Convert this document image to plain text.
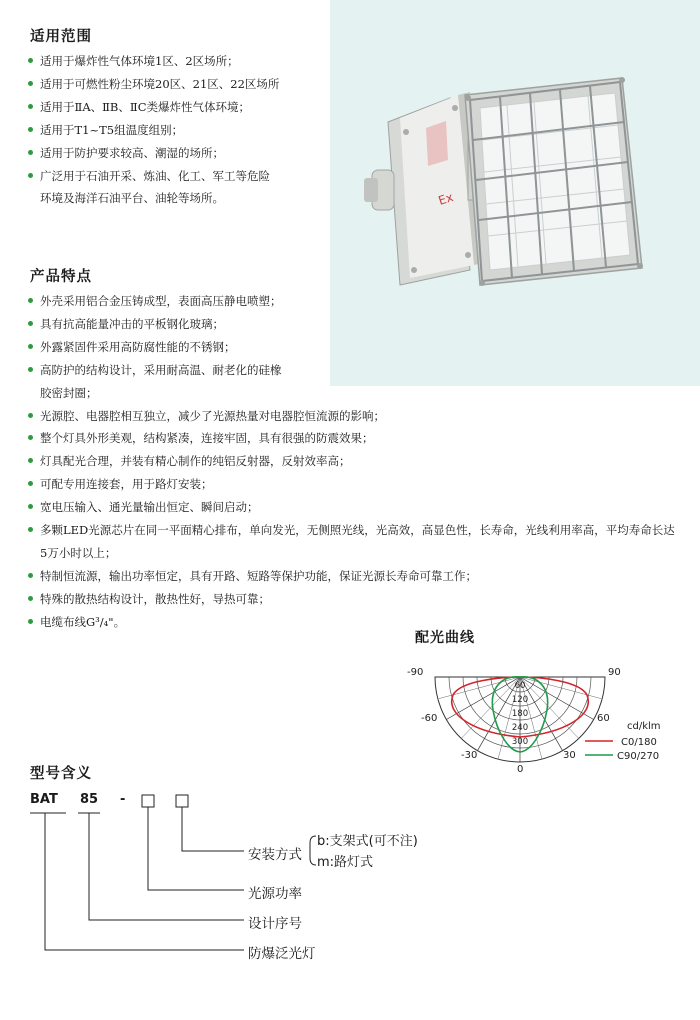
Ex
适用范围
适用于爆炸性气体环境1区、2区场所；
适用于可燃性粉尘环境20区、21区、22区场所
适用于ⅡA、ⅡB、ⅡC类爆炸性气体环境；
适用于T1~T5组温度组别；
适用于防护要求较高、潮湿的场所；
广泛用于石油开采、炼油、化工、军工等危险
环境及海洋石油平台、油轮等场所。
产品特点
外壳采用铝合金压铸成型，表面高压静电喷塑；
具有抗高能量冲击的平板钢化玻璃；
外露紧固件采用高防腐性能的不锈钢；
高防护的结构设计，采用耐高温、耐老化的硅橡
胶密封圈；
光源腔、电器腔相互独立，减少了光源热量对电器腔恒流源的影响；
整个灯具外形美观，结构紧凑，连接牢固，具有很强的防震效果；
灯具配光合理，并装有精心制作的纯铝反射器，反射效率高；
可配专用连接套，用于路灯安装；
宽电压输入、通光量输出恒定、瞬间启动；
多颗LED光源芯片在同一平面精心排布，单向发光，无侧照光线，光高效，高显色性，长寿命，光线利用率高，平均寿命长达5万小时以上；
特制恒流源，输出功率恒定，具有开路、短路等保护功能，保证光源长寿命可靠工作；
特殊的散热结构设计，散热性好，导热可靠；
电缆布线G³/₄"。
配光曲线
-90	90
-60	60
-30	30
0
60
120
180
240
300
cd/klm
C0/180
C90/270
型号含义
BAT 85 -
安装方式
b:支架式(可不注)
m:路灯式
光源功率
设计序号
防爆泛光灯
